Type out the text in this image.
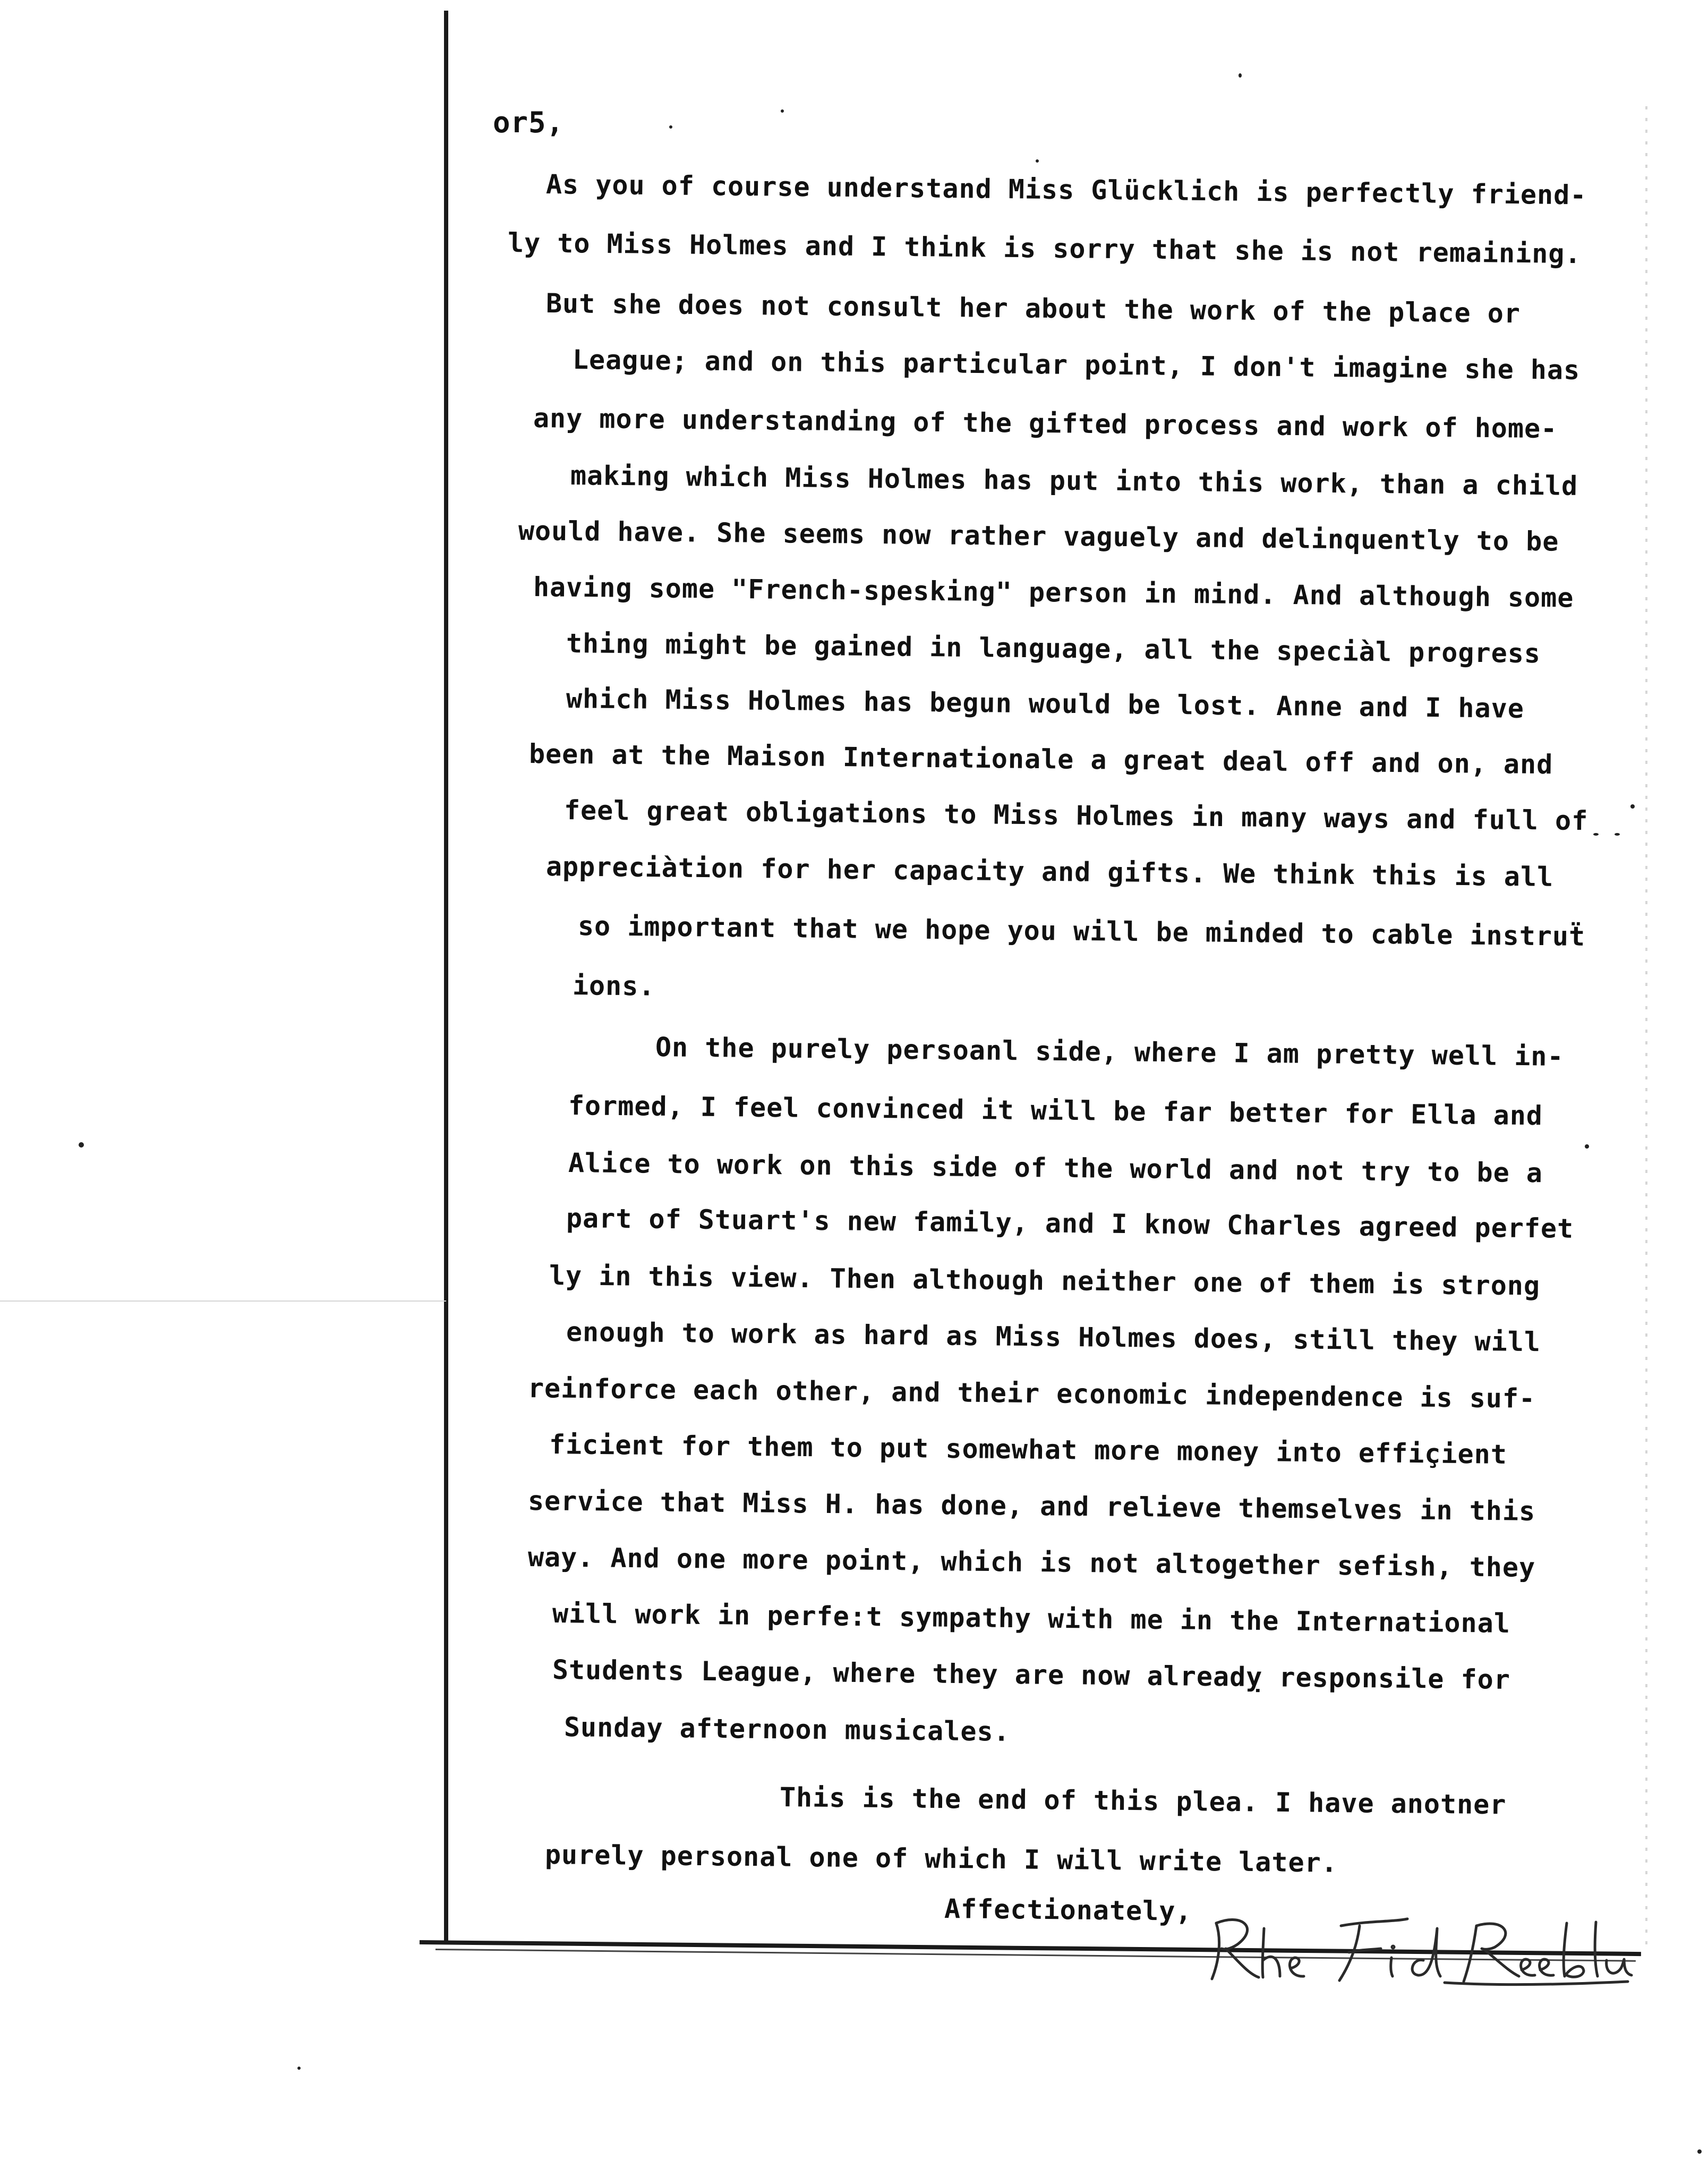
or5,
As you of course understand Miss Glücklich is perfectly friend-
ly to Miss Holmes and I think is sorry that she is not remaining.
But she does not consult her about the work of the place or
League; and on this particular point, I don't imagine she has
any more understanding of the gifted process and work of home-
making which Miss Holmes has put into this work, than a child
would have. She seems now rather vaguely and delinquently to be
having some "French-spesking" person in mind. And although some
thing might be gained in language, all the speciàl progress
which Miss Holmes has begun would be lost. Anne and I have
been at the Maison Internationale a great deal off and on, and
feel great obligations to Miss Holmes in many ways and full of
appreciàtion for her capacity and gifts. We think this is all
so important that we hope you will be minded to cable instruẗ
ions.
On the purely persoanl side, where I am pretty well in-
formed, I feel convinced it will be far better for Ella and
Alice to work on this side of the world and not try to be a
part of Stuart's new family, and I know Charles agreed perfet
ly in this view. Then although neither one of them is strong
enough to work as hard as Miss Holmes does, still they will
reinforce each other, and their economic independence is suf-
ficient for them to put somewhat more money into effiçient
service that Miss H. has done, and relieve themselves in this
way. And one more point, which is not altogether sefish, they
will work in perfe:t sympathy with me in the International
Students League, where they are now alreadỵ responsile for
Sunday afternoon musicales.
This is the end of this plea. I have anotner
purely personal one of which I will write later.
Affectionately,
